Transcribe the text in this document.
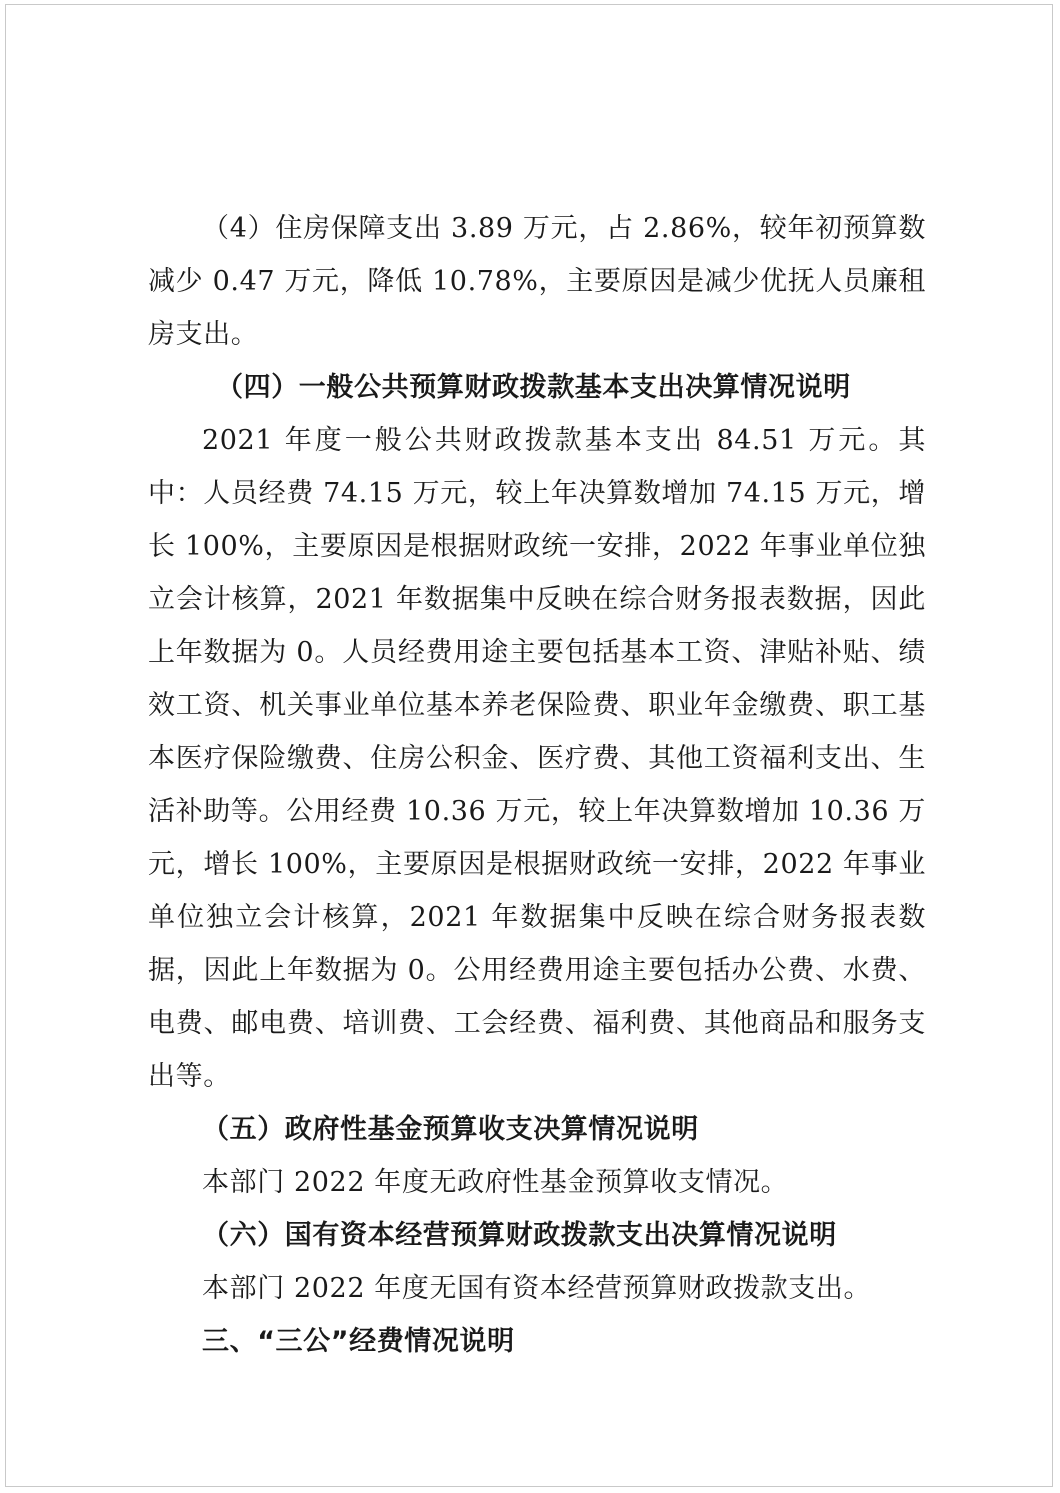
（4）住房保障支出 3.89 万元，占 2.86%，较年初预算数减少 0.47 万元，降低 10.78%，主要原因是减少优抚人员廉租房支出。

（四）一般公共预算财政拨款基本支出决算情况说明

2021 年度一般公共财政拨款基本支出 84.51 万元。其中：人员经费 74.15 万元，较上年决算数增加 74.15 万元，增长 100%，主要原因是根据财政统一安排，2022 年事业单位独立会计核算，2021 年数据集中反映在综合财务报表数据，因此上年数据为 0。人员经费用途主要包括基本工资、津贴补贴、绩效工资、机关事业单位基本养老保险费、职业年金缴费、职工基本医疗保险缴费、住房公积金、医疗费、其他工资福利支出、生活补助等。公用经费 10.36 万元，较上年决算数增加 10.36 万元，增长 100%，主要原因是根据财政统一安排，2022 年事业单位独立会计核算，2021 年数据集中反映在综合财务报表数据，因此上年数据为 0。公用经费用途主要包括办公费、水费、电费、邮电费、培训费、工会经费、福利费、其他商品和服务支出等。

（五）政府性基金预算收支决算情况说明

本部门 2022 年度无政府性基金预算收支情况。

（六）国有资本经营预算财政拨款支出决算情况说明

本部门 2022 年度无国有资本经营预算财政拨款支出。

三、“三公”经费情况说明
